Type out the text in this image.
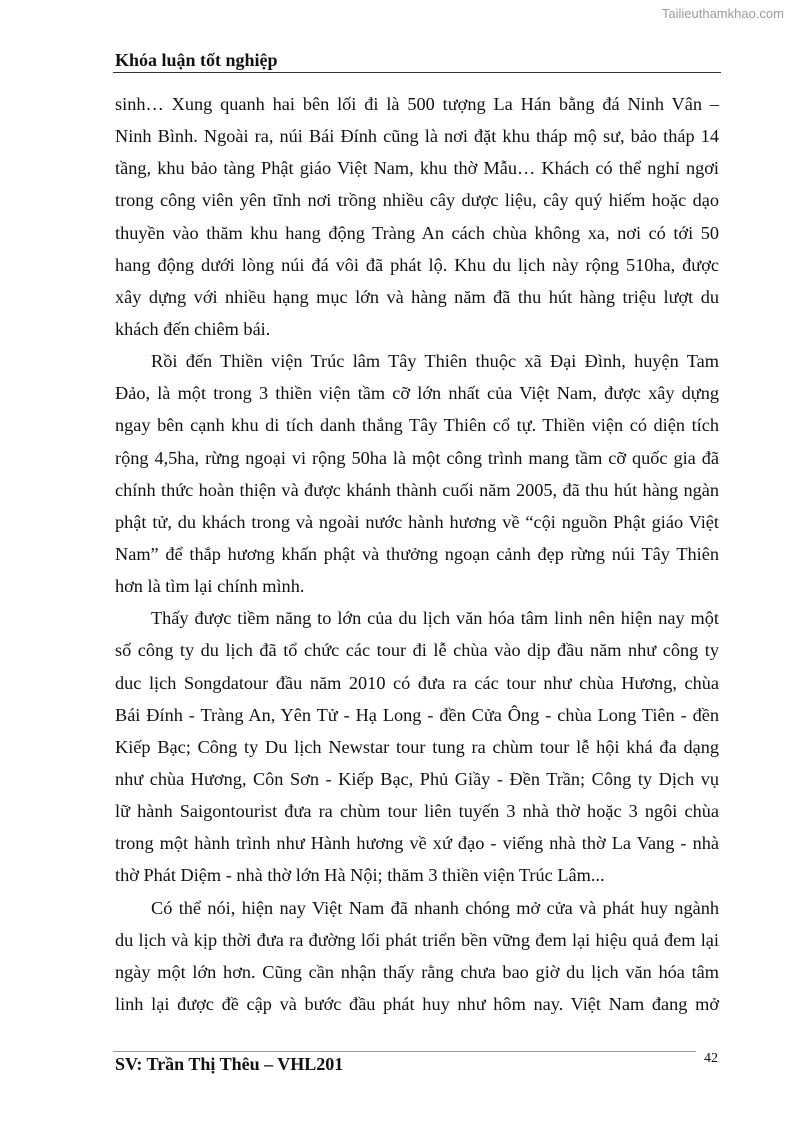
Tailieuthamkhao.com
Khóa luận tốt nghiệp
sinh… Xung quanh hai bên lối đi là 500 tượng La Hán bằng đá Ninh Vân –
Ninh Bình. Ngoài ra, núi Bái Đính cũng là nơi đặt khu tháp mộ sư, bảo tháp 14
tầng, khu bảo tàng Phật giáo Việt Nam, khu thờ Mẫu… Khách có thể nghỉ ngơi
trong công viên yên tĩnh nơi trồng nhiều cây dược liệu, cây quý hiếm hoặc dạo
thuyền vào thăm khu hang động Tràng An cách chùa không xa, nơi có tới 50
hang động dưới lòng núi đá vôi đã phát lộ. Khu du lịch này rộng 510ha, được
xây dựng với nhiều hạng mục lớn và hàng năm đã thu hút hàng triệu lượt du
khách đến chiêm bái.
Rồi đến Thiền viện Trúc lâm Tây Thiên thuộc xã Đại Đình, huyện Tam
Đảo, là một trong 3 thiền viện tầm cỡ lớn nhất của Việt Nam, được xây dựng
ngay bên cạnh khu di tích danh thắng Tây Thiên cổ tự. Thiền viện có diện tích
rộng 4,5ha, rừng ngoại vi rộng 50ha là một công trình mang tầm cỡ quốc gia đã
chính thức hoàn thiện và được khánh thành cuối năm 2005, đã thu hút hàng ngàn
phật tử, du khách trong và ngoài nước hành hương về “cội nguồn Phật giáo Việt
Nam” để thắp hương khấn phật và thưởng ngoạn cảnh đẹp rừng núi Tây Thiên
hơn là tìm lại chính mình.
Thấy được tiềm năng to lớn của du lịch văn hóa tâm linh nên hiện nay một
số công ty du lịch đã tổ chức các tour đi lễ chùa vào dịp đầu năm như công ty
duc lịch Songdatour đầu năm 2010 có đưa ra các tour như chùa Hương, chùa
Bái Đính - Tràng An, Yên Tử - Hạ Long - đền Cửa Ông - chùa Long Tiên - đền
Kiếp Bạc; Công ty Du lịch Newstar tour tung ra chùm tour lễ hội khá đa dạng
như chùa Hương, Côn Sơn - Kiếp Bạc, Phủ Giầy - Đền Trần; Công ty Dịch vụ
lữ hành Saigontourist đưa ra chùm tour liên tuyến 3 nhà thờ hoặc 3 ngôi chùa
trong một hành trình như Hành hương về xứ đạo - viếng nhà thờ La Vang - nhà
thờ Phát Diệm - nhà thờ lớn Hà Nội; thăm 3 thiền viện Trúc Lâm...
Có thể nói, hiện nay Việt Nam đã nhanh chóng mở cửa và phát huy ngành
du lịch và kịp thời đưa ra đường lối phát triển bền vững đem lại hiệu quả đem lại
ngày một lớn hơn. Cũng cần nhận thấy rằng chưa bao giờ du lịch văn hóa tâm
linh lại được đề cập và bước đầu phát huy như hôm nay. Việt Nam đang mở
SV: Trần Thị Thêu – VHL201	42
